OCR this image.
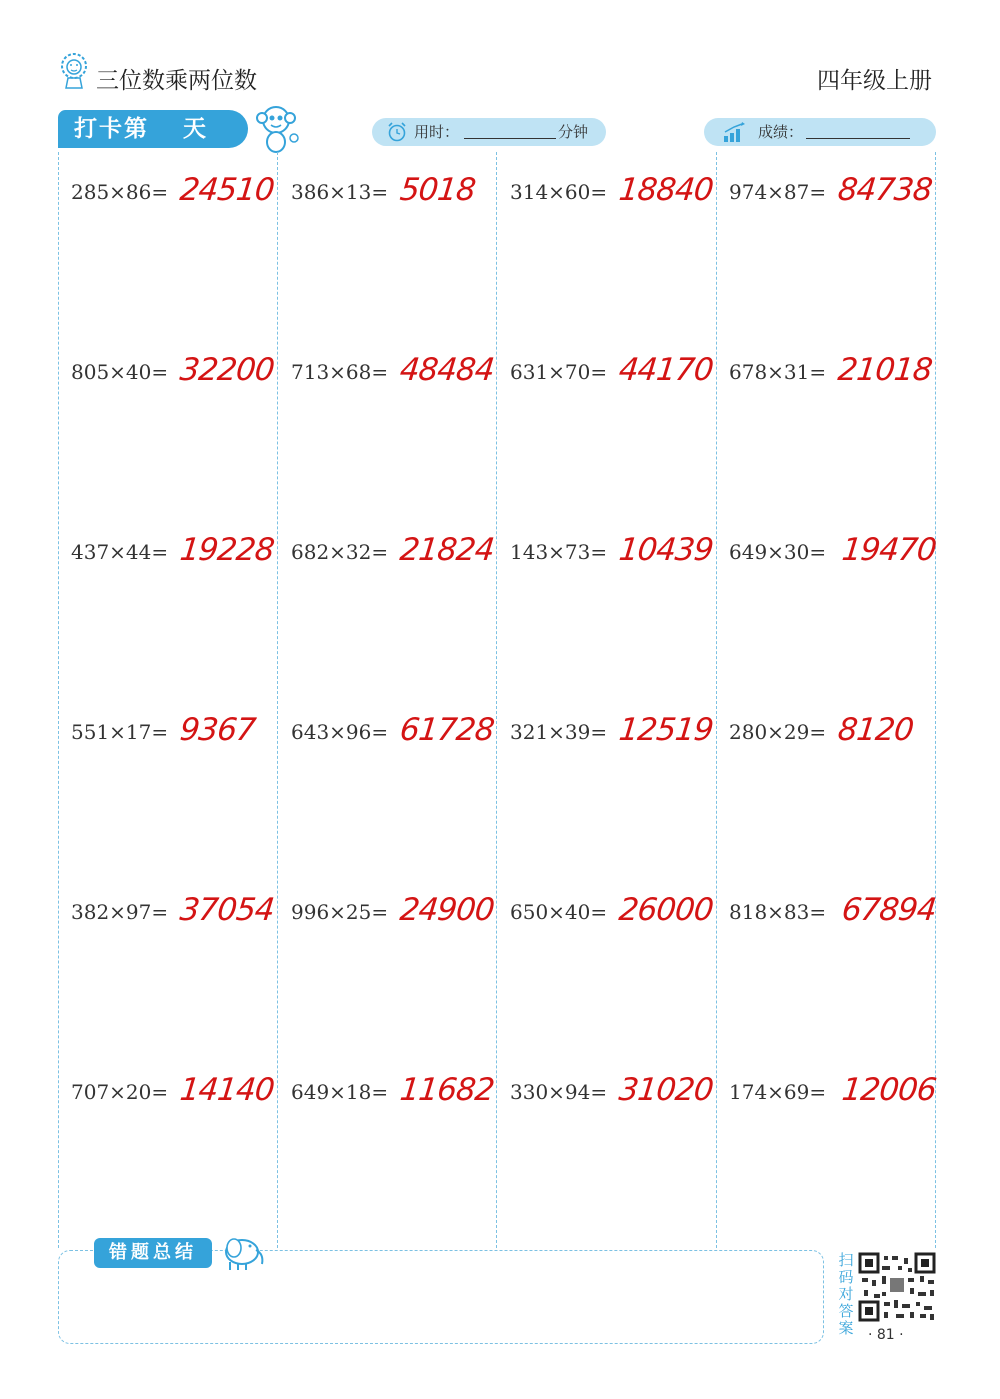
三位数乘两位数	四年级上册
打卡第 天	用时：	分钟	成绩：
285×86= 24510
805×40= 32200
437×44= 19228
551×17= 9367
382×97= 37054
707×20= 14140
386×13= 5018
713×68= 48484
682×32= 21824
643×96= 61728
996×25= 24900
649×18= 11682
314×60= 18840
631×70= 44170
143×73= 10439
321×39= 12519
650×40= 26000
330×94= 31020
974×87= 84738
678×31= 21018
649×30= 19470
280×29= 8120
818×83= 67894
174×69= 12006
错题总结	扫码对答案 · 81 ·
